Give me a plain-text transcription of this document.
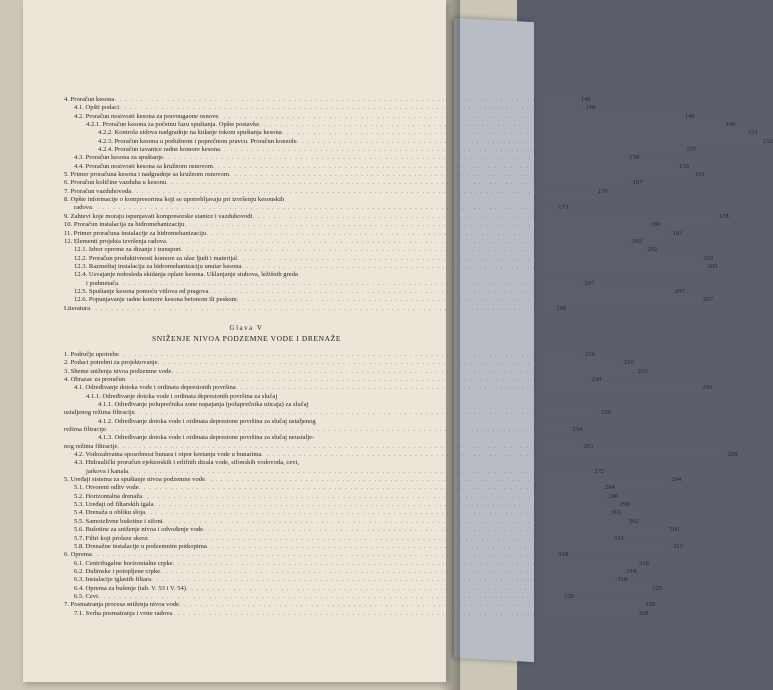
4. Proračun kesona . . .	148
4.1. Opšti podaci . . .	148
4.2. Proračun nosivosti kesona za pravougaone osnove . . .	148
4.2.1. Proračun kesona za početnu fazu spuštanja. Opšte postavke . . .	149
4.2.2. Kontrola zidova nadgradnje na kidanje tokom spuštanja kesona . . .	151
4.2.3. Proračun kesona u podužnom i poprečnom pravcu. Proračun konzole . . .	152
4.2.4. Proračun tavanice radne komore kesona . . .	157
4.3. Proračun kesona za spuštanje . . .	158
4.4. Proračun nosivosti kesona sa kružnom osnovom . . .	159
5. Primer proračuna kesona i nadgradnje sa kružnom osnovom . . .	161
6. Proračun količine vazduha u kesonu . . .	167
7. Proračun vazduhovoda . . .	170
8. Opšte informacije o kompresorima koji se upotrebljavaju pri izvršenju kesonskih
radova . . .	173
9. Zahtevi koje moraju ispunjavati kompresorske stanice i vazduhovodi . . .	178
10. Proračun instalacija za hidromehanizaciju . . .	180
11. Primer proračuna instalacije za hidromehanizaciju . . .	193
12. Elementi projekta izvršenja radova . . .	202
12.1. Izbor opreme za dizanje i transport . . .	202
12.2. Proračun produktivnosti komore za ulaz ljudi i materijal . . .	203
12.3. Razmeštaj instalacija za hidromehanizaciju unutar kesona . . .	203
12.4. Usvajanje redosleda skidanja oplate kesona. Uklanjanje stubova, ležišnih greda
i podmetača . . .	207
12.5. Spuštanje kesona pomoću vitlova od pragova . . .	207
12.6. Popunjavanje radne komore kesona betonom ili peskom . . .	207
Literatura . . .	208
Glava V
SNIŽENJE NIVOA PODZEMNE VODE I DRENAŽE
1. Područje upotrebe . . .	210
2. Podaci potrebni za projektovanje . . .	210
3. Sheme sniženja nivoa podzemne vode . . .	223
4. Obrazac za proračun . . .	230
4.1. Određivanje dotoka vode i ordinata depresionih površina . . .	230
4.1.1. Određivanje dotoka vode i ordinata depresionih površina za slučaj
4.1.1. Određivanje poluprečnika zone napajanja (poluprečnika uticaja) za slučaj
ustaljenog režima filtracije . . .	230
4.1.2. Određivanje dotoka vode i ordinata depresione površina za slučaj ustaljenog
režima filtracije . . .	234
4.1.3. Određivanje dotoka vode i ordinata depresione površina za slučaj neustalje-
nog režima filtracije . . .	261
4.2. Vodozahvatna sposobnost bunara i otpor kretanju vode u bunarima . . .	269
4.3. Hidraulički proračun ejektorskih i erlifnih dizala vode, sifonskih vodovoda, cevi,
jarkova i kanala . . .	272
5. Uređaji sistema za spuštanje nivoa podzemne vode . . .	294
5.1. Otvoreni odliv vode . . .	294
5.2. Horizontalna drenaža . . .	296
5.3. Uređaji od filtarskih igala . . .	298
5.4. Drenaža u obliku sloja . . .	301
5.5. Samoizlivne bušotine i sifoni . . .	302
5.6. Bušotine za sniženje nivoa i odvođenje vode . . .	306
5.7. Filtri koji prolaze skroz . . .	311
5.8. Drenažne instalacije u podzemnim potkopima . . .	313
6. Oprema . . .	318
6.1. Centrifugalne horizontalne crpke . . .	318
6.2. Dubinske i potopljene crpke . . .	318
6.3. Instalacije iglastih filtara . . .	318
6.4. Oprema za bušenje (tab. V. 53 i V. 54) . . .	325
6.5. Cevi . . .	326
7. Posmatranja procesa sniženja nivoa vode . . .	328
7.1. Svrha posmatranja i vrste radova . . .	328
